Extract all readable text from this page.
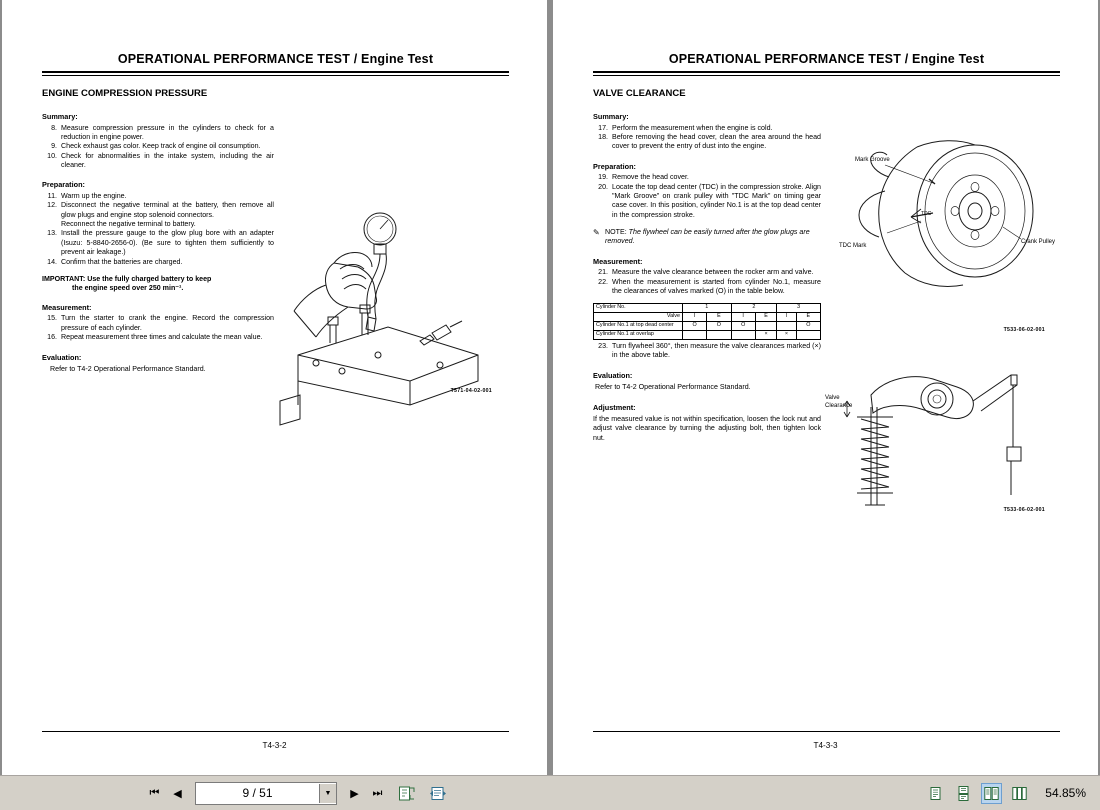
OPERATIONAL PERFORMANCE TEST / Engine Test
ENGINE COMPRESSION PRESSURE
Summary:
8. Measure compression pressure in the cylinders to check for a reduction in engine power.
9. Check exhaust gas color. Keep track of engine oil consumption.
10. Check for abnormalities in the intake system, including the air cleaner.
Preparation:
11. Warm up the engine.
12. Disconnect the negative terminal at the battery, then remove all glow plugs and engine stop solenoid connectors.
Reconnect the negative terminal to battery.
13. Install the pressure gauge to the glow plug bore with an adapter (Isuzu: 5-8840-2656-0). (Be sure to tighten them sufficiently to prevent air leakage.)
14. Confirm that the batteries are charged.
IMPORTANT: Use the fully charged battery to keep
the engine speed over 250 min⁻¹.
Measurement:
15. Turn the starter to crank the engine. Record the compression pressure of each cylinder.
16. Repeat measurement three times and calculate the mean value.
Evaluation:
Refer to T4-2 Operational Performance Standard.
T571-04-02-001
T4-3-2
OPERATIONAL PERFORMANCE TEST / Engine Test
VALVE CLEARANCE
Summary:
17. Perform the measurement when the engine is cold.
18. Before removing the head cover, clean the area around the head cover to prevent the entry of dust into the engine.
Preparation:
19. Remove the head cover.
20. Locate the top dead center (TDC) in the compression stroke. Align "Mark Groove" on crank pulley with "TDC Mark" on timing gear case cover. In this position, cylinder No.1 is at the top dead center in the compression stroke.
✎ NOTE: The flywheel can be easily turned after the glow plugs are removed.
Measurement:
21. Measure the valve clearance between the rocker arm and valve.
22. When the measurement is started from cylinder No.1, measure the clearances of valves marked (O) in the table below.
Cylinder No.	1		2		3	
Valve	I	E	I	E	I	E
Cylinder No.1 at top dead center	O	O	O			O
Cylinder No.1 at overlap				×	×	
23. Turn flywheel 360°, then measure the valve clearances marked (×) in the above table.
Evaluation:
Refer to T4-2 Operational Performance Standard.
Adjustment:
If the measured value is not within specification, loosen the lock nut and adjust valve clearance by turning the adjusting bolt, then tighten lock nut.
Mark Groove
TDC Mark
TDC
Crank Pulley
T533-06-02-001
Valve
Clearance
T533-06-02-001
T4-3-3
⏮	◀	9 / 51	▼	▶	⏭	54.85%
